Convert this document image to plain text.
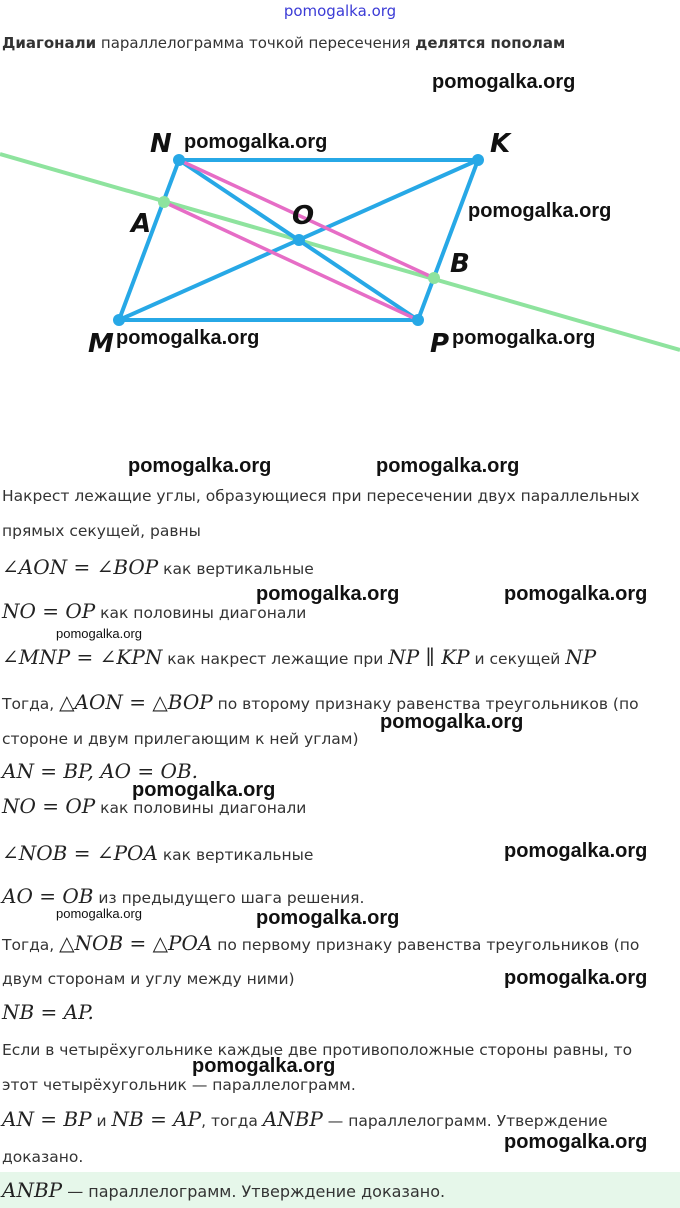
pomogalka.org
Диагонали параллелограмма точкой пересечения делятся пополам
N	K
A	O
B
M	P
pomogalka.org
pomogalka.org
pomogalka.org
pomogalka.org	pomogalka.org
pomogalka.org	pomogalka.org
pomogalka.org	pomogalka.org
pomogalka.org
pomogalka.org
pomogalka.org
pomogalka.org
pomogalka.org	pomogalka.org
pomogalka.org
pomogalka.org
pomogalka.org
Накрест лежащие углы, образующиеся при пересечении двух параллельных
прямых секущей, равны
∠AON = ∠BOP как вертикальные
NO = OP как половины диагонали
∠MNP = ∠KPN как накрест лежащие при NP ∥ KP и секущей NP
Тогда, △AON = △BOP по второму признаку равенства треугольников (по
стороне и двум прилегающим к ней углам)
AN = BP, AO = OB.
NO = OP как половины диагонали
∠NOB = ∠POA как вертикальные
AO = OB из предыдущего шага решения.
Тогда, △NOB = △POA по первому признаку равенства треугольников (по
двум сторонам и углу между ними)
NB = AP.
Если в четырёхугольнике каждые две противоположные стороны равны, то
этот четырёхугольник — параллелограмм.
AN = BP и NB = AP, тогда ANBP — параллелограмм. Утверждение
доказано.
ANBP — параллелограмм. Утверждение доказано.
